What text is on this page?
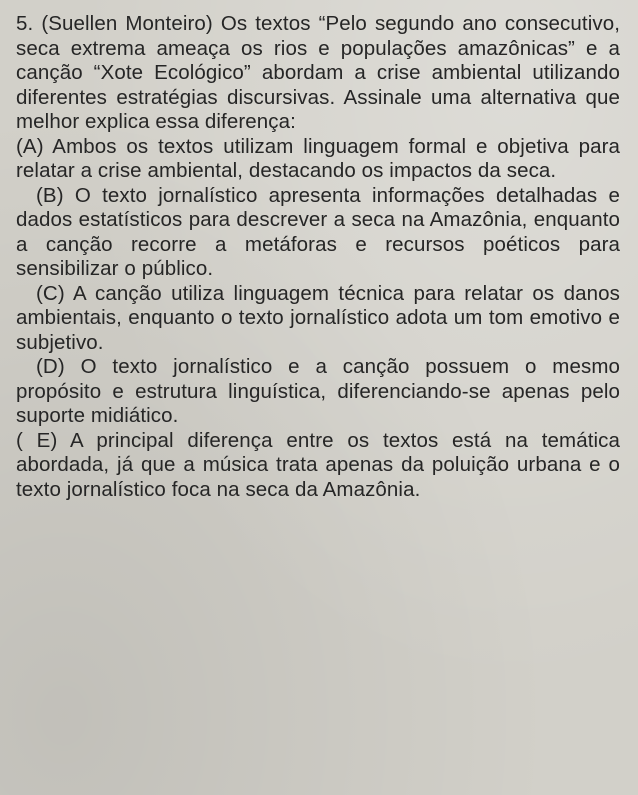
5. (Suellen Monteiro) Os textos “Pelo segundo ano consecutivo, seca extrema ameaça os rios e populações amazônicas” e a canção “Xote Ecológico” abordam a crise ambiental utilizando diferentes estratégias discursivas. Assinale uma alternativa que melhor explica essa diferença:

(A) Ambos os textos utilizam linguagem formal e objetiva para relatar a crise ambiental, destacando os impactos da seca.

(B) O texto jornalístico apresenta informações detalhadas e dados estatísticos para descrever a seca na Amazônia, enquanto a canção recorre a metáforas e recursos poéticos para sensibilizar o público.

(C) A canção utiliza linguagem técnica para relatar os danos ambientais, enquanto o texto jornalístico adota um tom emotivo e subjetivo.

(D) O texto jornalístico e a canção possuem o mesmo propósito e estrutura linguística, diferenciando-se apenas pelo suporte midiático.

( E) A principal diferença entre os textos está na temática abordada, já que a música trata apenas da poluição urbana e o texto jornalístico foca na seca da Amazônia.
